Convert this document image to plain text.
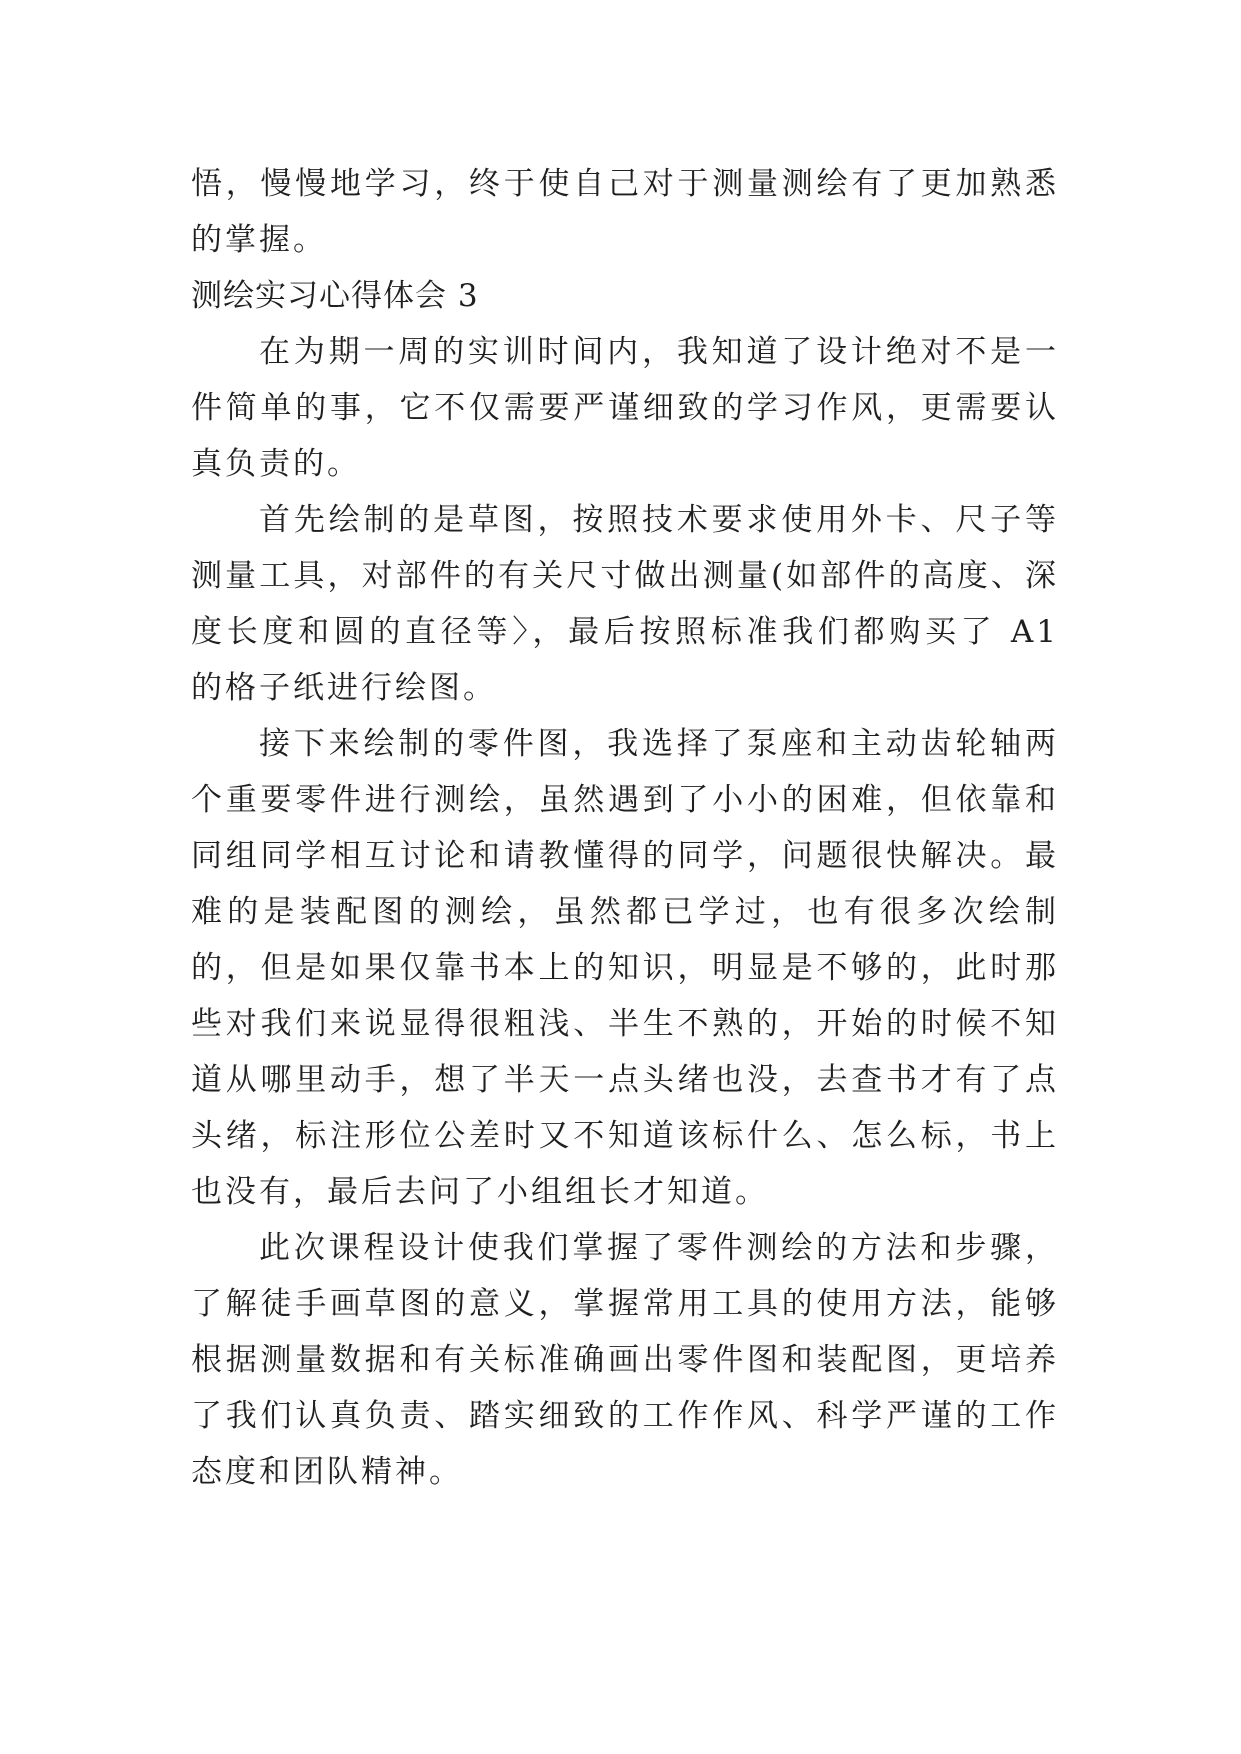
悟，慢慢地学习，终于使自己对于测量测绘有了更加熟悉的掌握。

测绘实习心得体会 3

在为期一周的实训时间内，我知道了设计绝对不是一件简单的事，它不仅需要严谨细致的学习作风，更需要认真负责的。

首先绘制的是草图，按照技术要求使用外卡、尺子等测量工具，对部件的有关尺寸做出测量(如部件的高度、深度长度和圆的直径等〉，最后按照标准我们都购买了 A1 的格子纸进行绘图。

接下来绘制的零件图，我选择了泵座和主动齿轮轴两个重要零件进行测绘，虽然遇到了小小的困难，但依靠和同组同学相互讨论和请教懂得的同学，问题很快解决。最难的是装配图的测绘，虽然都已学过，也有很多次绘制的，但是如果仅靠书本上的知识，明显是不够的，此时那些对我们来说显得很粗浅、半生不熟的，开始的时候不知道从哪里动手，想了半天一点头绪也没，去查书才有了点头绪，标注形位公差时又不知道该标什么、怎么标，书上也没有，最后去问了小组组长才知道。

此次课程设计使我们掌握了零件测绘的方法和步骤，了解徒手画草图的意义，掌握常用工具的使用方法，能够根据测量数据和有关标准确画出零件图和装配图，更培养了我们认真负责、踏实细致的工作作风、科学严谨的工作态度和团队精神。
